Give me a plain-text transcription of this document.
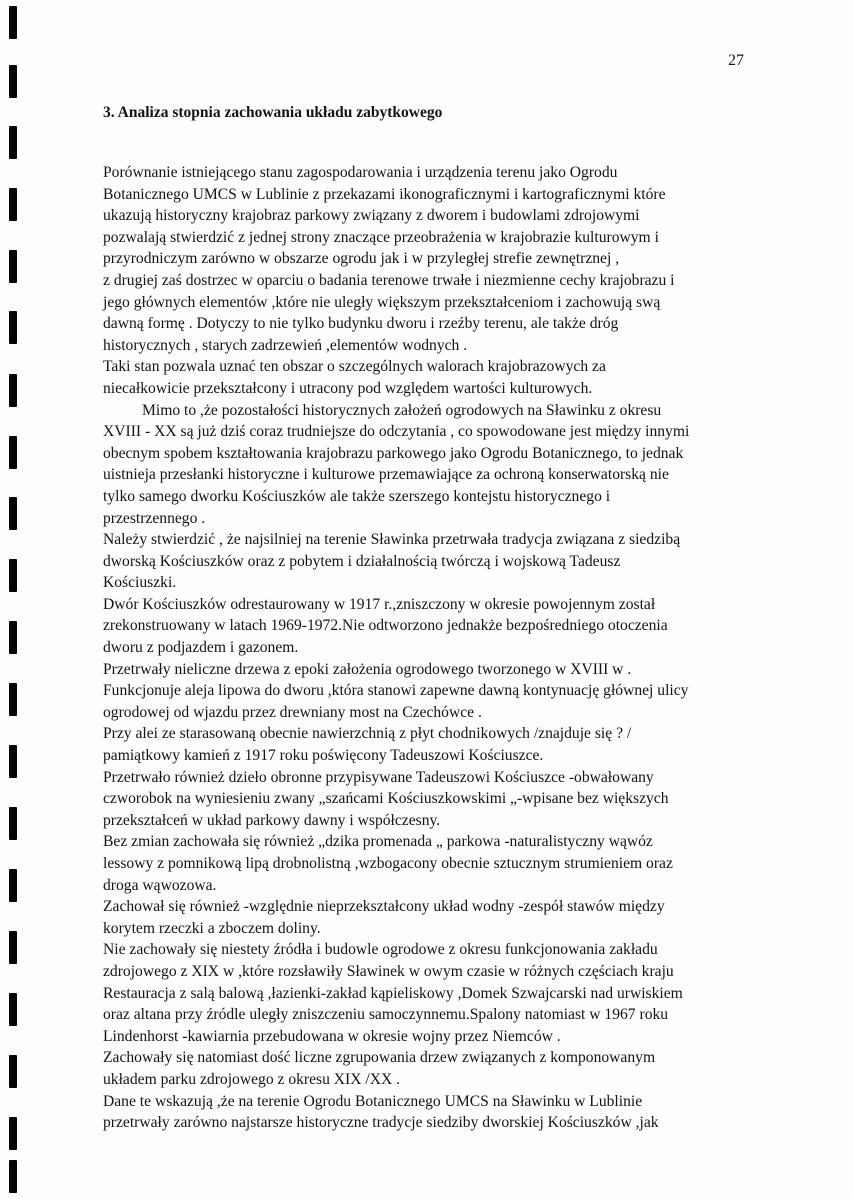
27
3. Analiza stopnia zachowania układu zabytkowego
Porównanie istniejącego stanu zagospodarowania i urządzenia terenu jako Ogrodu
Botanicznego UMCS w Lublinie z przekazami ikonograficznymi i kartograficznymi które
ukazują historyczny krajobraz parkowy związany z dworem i budowlami zdrojowymi
pozwalają stwierdzić z jednej strony znaczące przeobrażenia w krajobrazie kulturowym i
przyrodniczym zarówno w obszarze ogrodu jak i w przyległej strefie zewnętrznej ,
z drugiej zaś dostrzec w oparciu o badania terenowe trwałe i niezmienne cechy krajobrazu i
jego głównych elementów ,które nie uległy większym przekształceniom i zachowują swą
dawną formę . Dotyczy to nie tylko budynku dworu i rzeźby terenu, ale także dróg
historycznych , starych zadrzewień ,elementów wodnych .
Taki stan pozwala uznać ten obszar o szczególnych walorach krajobrazowych za
niecałkowicie przekształcony i utracony pod względem wartości kulturowych.
Mimo to ,że pozostałości historycznych założeń ogrodowych na Sławinku z okresu
XVIII - XX są już dziś coraz trudniejsze do odczytania , co spowodowane jest między innymi
obecnym spobem kształtowania krajobrazu parkowego jako Ogrodu Botanicznego, to jednak
uistnieja przesłanki historyczne i kulturowe przemawiające za ochroną konserwatorską nie
tylko samego dworku Kościuszków ale także szerszego kontejstu historycznego i
przestrzennego .
Należy stwierdzić , że najsilniej na terenie Sławinka przetrwała tradycja związana z siedzibą
dworską Kościuszków oraz z pobytem i działalnością twórczą i wojskową Tadeusz
Kościuszki.
Dwór Kościuszków odrestaurowany w 1917 r.,zniszczony w okresie powojennym został
zrekonstruowany w latach 1969-1972.Nie odtworzono jednakże bezpośredniego otoczenia
dworu z podjazdem i gazonem.
Przetrwały nieliczne drzewa z epoki założenia ogrodowego tworzonego w XVIII w .
Funkcjonuje aleja lipowa do dworu ,która stanowi zapewne dawną kontynuację głównej ulicy
ogrodowej od wjazdu przez drewniany most na Czechówce .
Przy alei ze starasowaną obecnie nawierzchnią z płyt chodnikowych /znajduje się ? /
pamiątkowy kamień z 1917 roku poświęcony Tadeuszowi Kościuszce.
Przetrwało również dzieło obronne przypisywane Tadeuszowi Kościuszce -obwałowany
czworobok na wyniesieniu zwany „szańcami Kościuszkowskimi „-wpisane bez większych
przekształceń w układ parkowy dawny i współczesny.
Bez zmian zachowała się również „dzika promenada „ parkowa -naturalistyczny wąwóz
lessowy z pomnikową lipą drobnolistną ,wzbogacony obecnie sztucznym strumieniem oraz
droga wąwozowa.
Zachował się również -względnie nieprzekształcony układ wodny -zespół stawów między
korytem rzeczki a zboczem doliny.
Nie zachowały się niestety źródła i budowle ogrodowe z okresu funkcjonowania zakładu
zdrojowego z XIX w ,które rozsławiły Sławinek w owym czasie w różnych częściach kraju
Restauracja z salą balową ,łazienki-zakład kąpieliskowy ,Domek Szwajcarski nad urwiskiem
oraz altana przy źródle uległy zniszczeniu samoczynnemu.Spalony natomiast w 1967 roku
Lindenhorst -kawiarnia przebudowana w okresie wojny przez Niemców .
Zachowały się natomiast dość liczne zgrupowania drzew związanych z komponowanym
układem parku zdrojowego z okresu XIX /XX .
Dane te wskazują ,że na terenie Ogrodu Botanicznego UMCS na Sławinku w Lublinie
przetrwały zarówno najstarsze historyczne tradycje siedziby dworskiej Kościuszków ,jak
